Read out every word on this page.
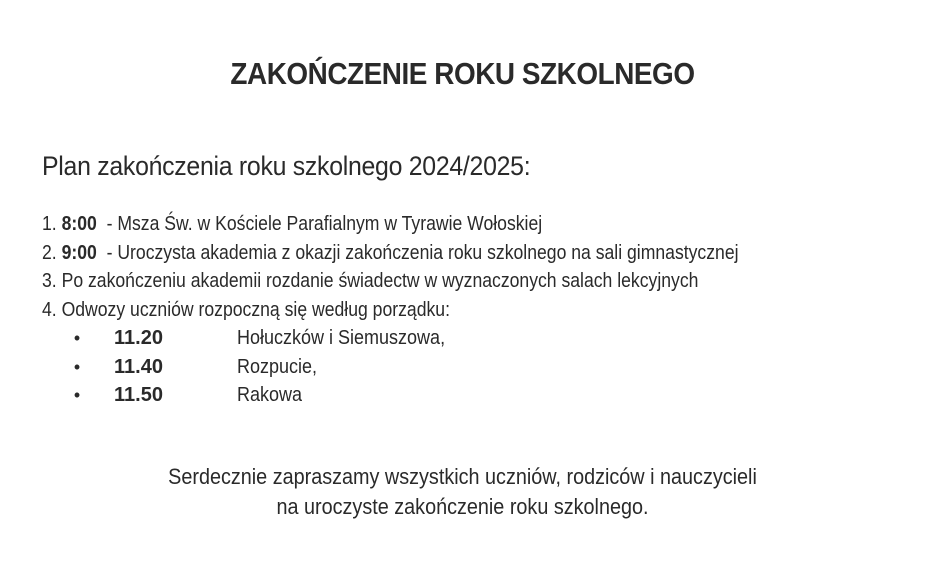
ZAKOŃCZENIE ROKU SZKOLNEGO
Plan zakończenia roku szkolnego 2024/2025:
1. 8:00  - Msza Św. w Kościele Parafialnym w Tyrawie Wołoskiej
2. 9:00  - Uroczysta akademia z okazji zakończenia roku szkolnego na sali gimnastycznej
3. Po zakończeniu akademii rozdanie świadectw w wyznaczonych salach lekcyjnych
4. Odwozy uczniów rozpoczną się według porządku:
• 11.20	Hołuczków i Siemuszowa,
• 11.40	Rozpucie,
• 11.50	Rakowa
Serdecznie zapraszamy wszystkich uczniów, rodziców i nauczycieli
na uroczyste zakończenie roku szkolnego.
